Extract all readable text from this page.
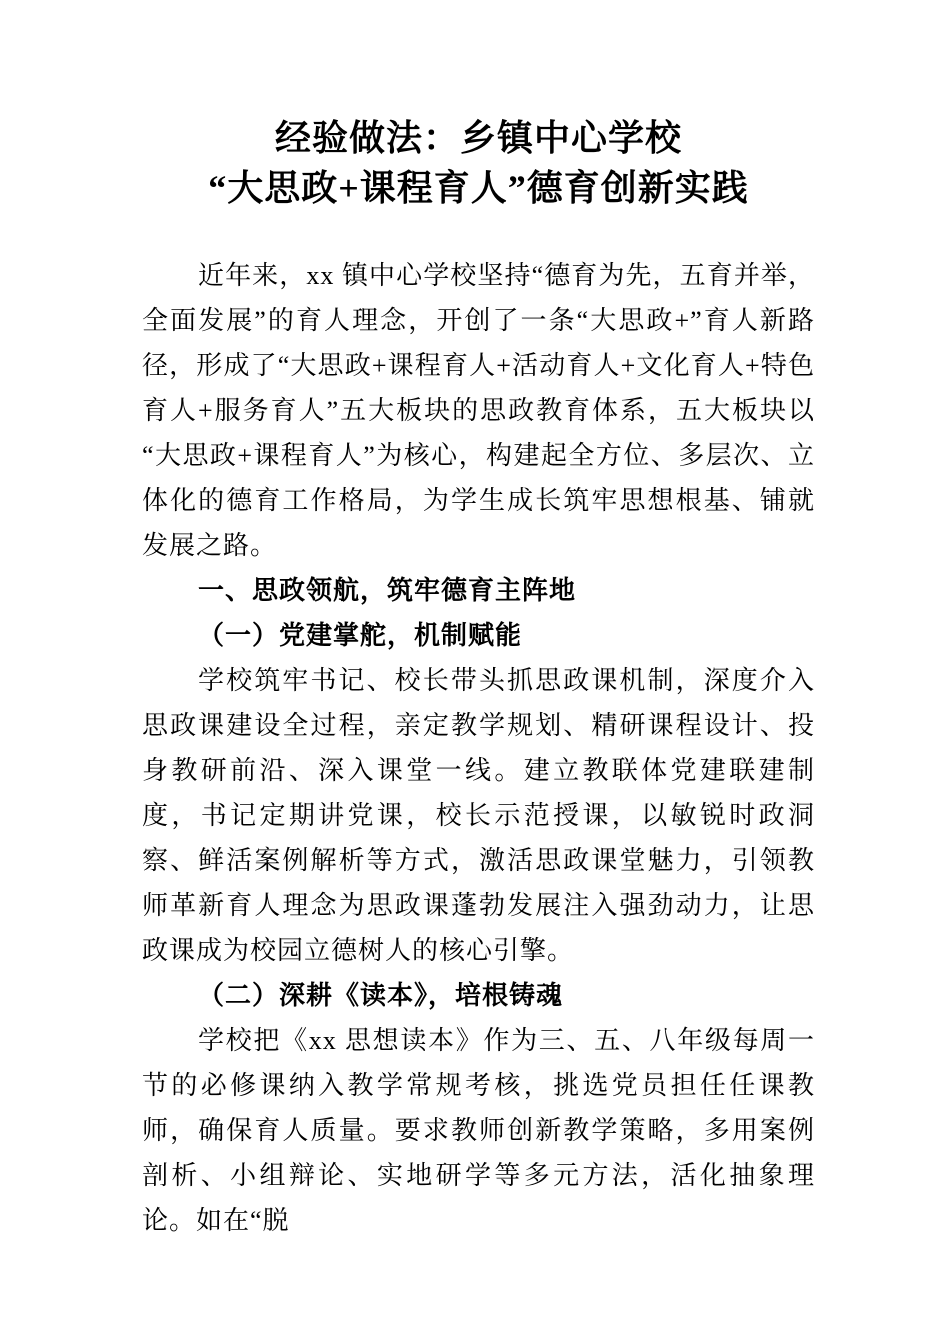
经验做法：乡镇中心学校
“大思政+课程育人”德育创新实践

近年来，xx 镇中心学校坚持“德育为先，五育并举，全面发展”的育人理念，开创了一条“大思政+”育人新路径，形成了“大思政+课程育人+活动育人+文化育人+特色育人+服务育人”五大板块的思政教育体系，五大板块以“大思政+课程育人”为核心，构建起全方位、多层次、立体化的德育工作格局，为学生成长筑牢思想根基、铺就发展之路。

一、思政领航，筑牢德育主阵地

（一）党建掌舵，机制赋能

学校筑牢书记、校长带头抓思政课机制，深度介入思政课建设全过程，亲定教学规划、精研课程设计、投身教研前沿、深入课堂一线。建立教联体党建联建制度，书记定期讲党课，校长示范授课，以敏锐时政洞察、鲜活案例解析等方式，激活思政课堂魅力，引领教师革新育人理念为思政课蓬勃发展注入强劲动力，让思政课成为校园立德树人的核心引擎。

（二）深耕《读本》，培根铸魂

学校把《xx 思想读本》作为三、五、八年级每周一节的必修课纳入教学常规考核，挑选党员担任任课教师，确保育人质量。要求教师创新教学策略，多用案例剖析、小组辩论、实地研学等多元方法，活化抽象理论。如在“脱
